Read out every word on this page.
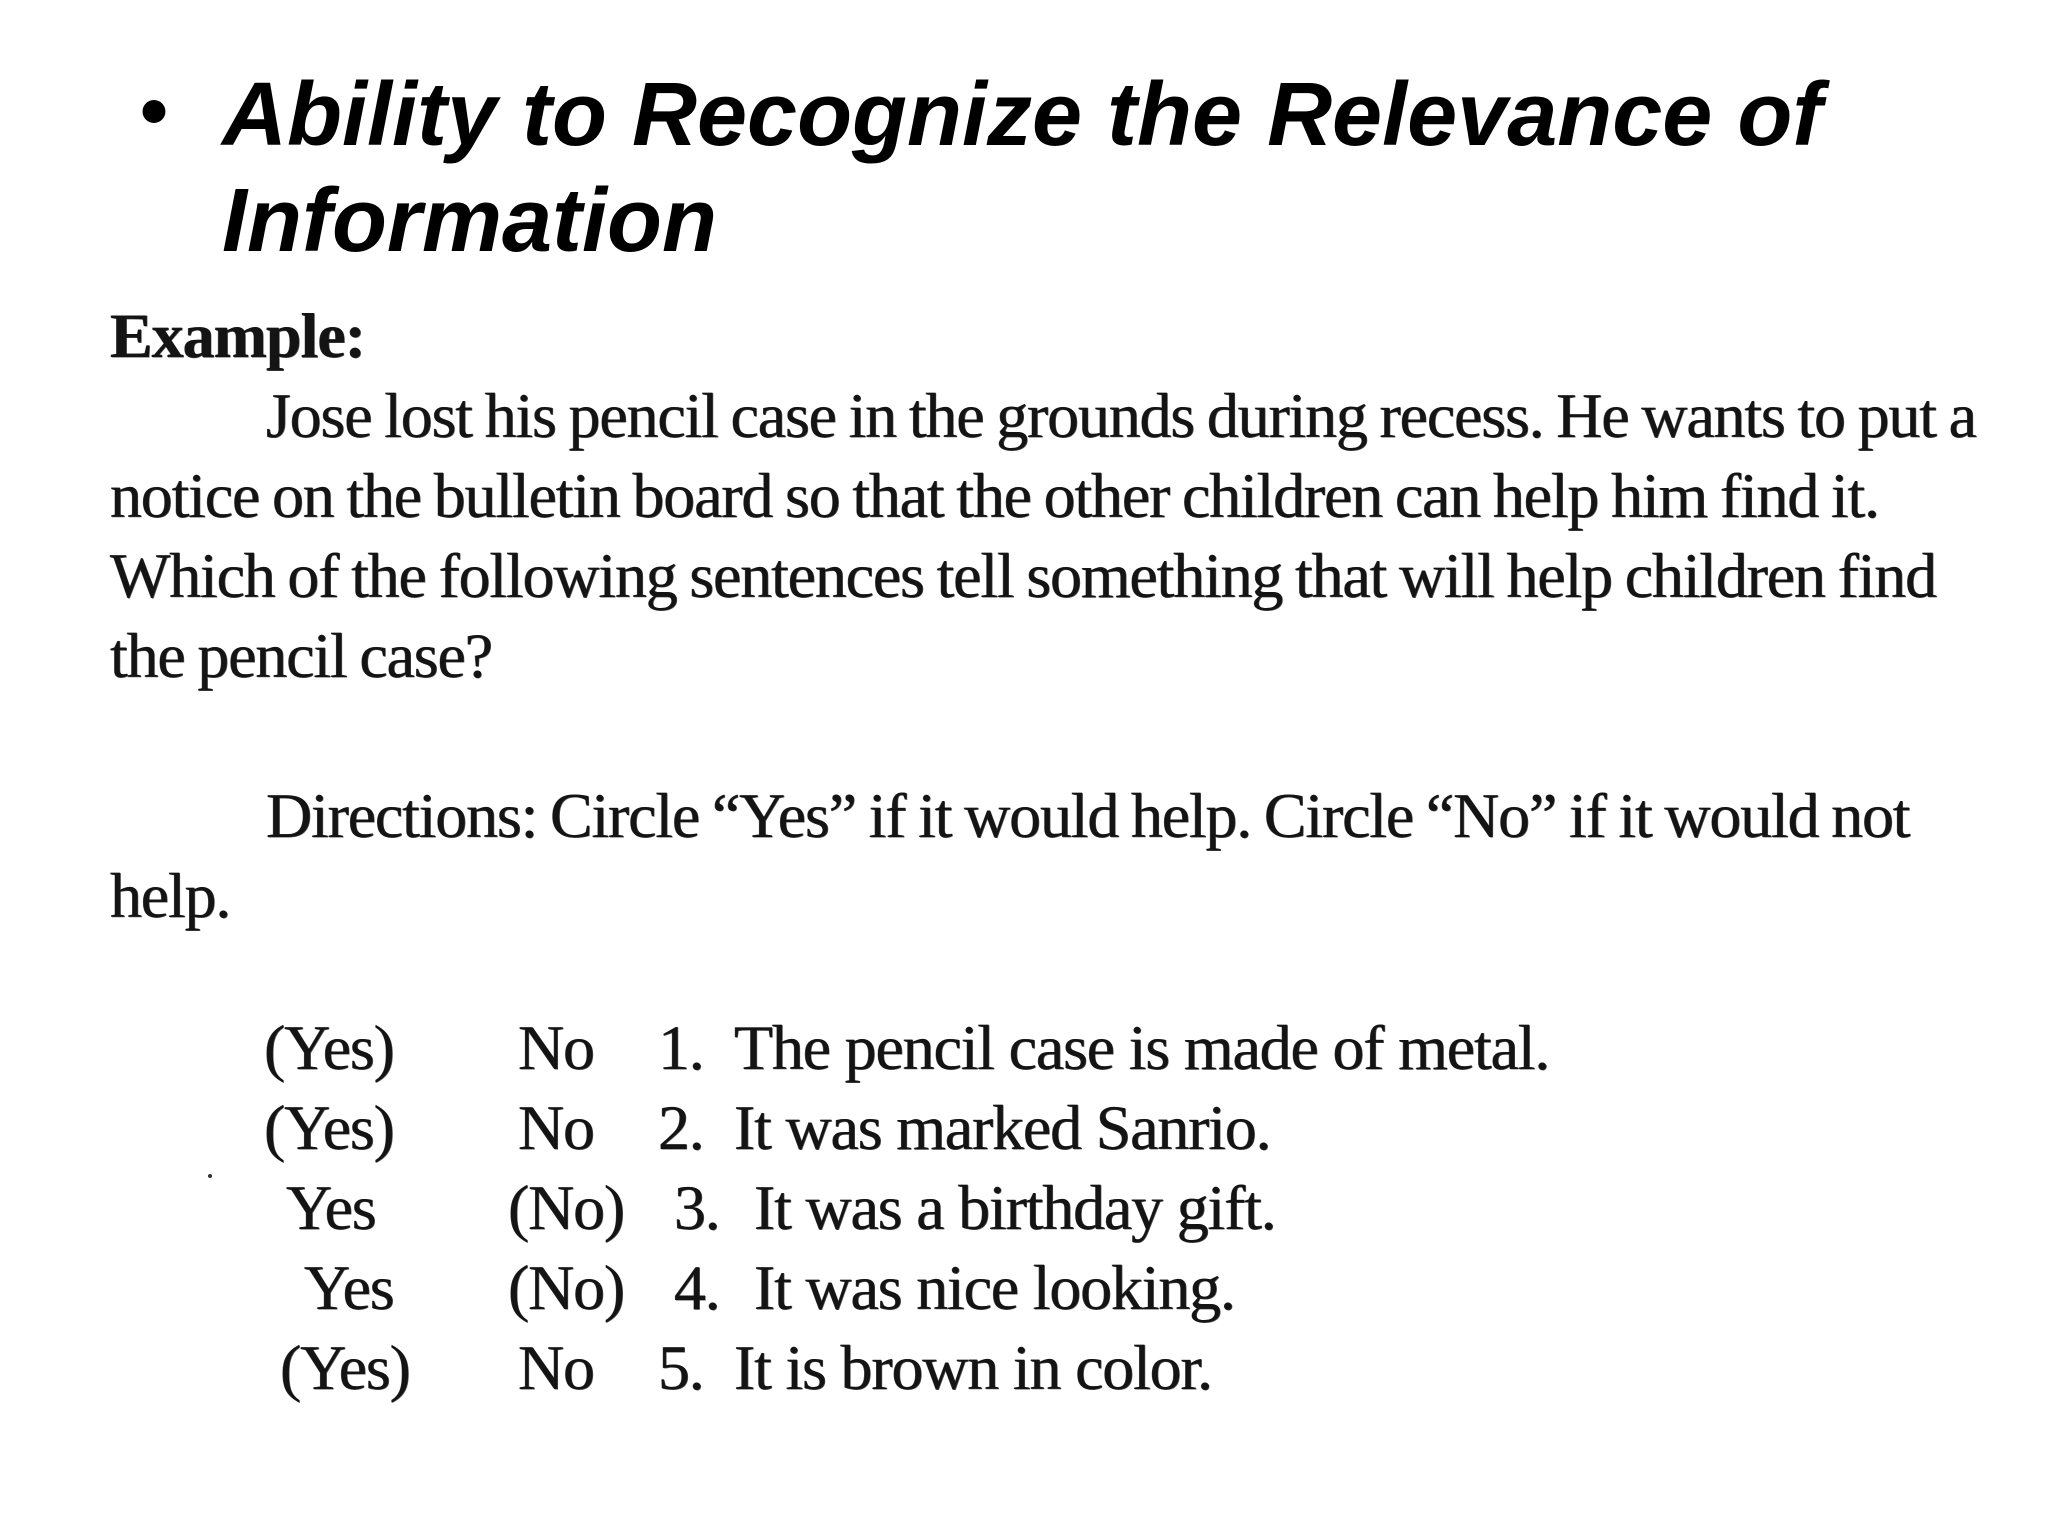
• Ability to Recognize the Relevance of Information
Example:

Jose lost his pencil case in the grounds during recess. He wants to put a notice on the bulletin board so that the other children can help him find it. Which of the following sentences tell something that will help children find the pencil case?

Directions: Circle “Yes” if it would help. Circle “No” if it would not help.

(Yes) No 1. The pencil case is made of metal.
(Yes) No 2. It was marked Sanrio.
Yes (No) 3. It was a birthday gift.
Yes (No) 4. It was nice looking.
(Yes) No 5. It is brown in color.
